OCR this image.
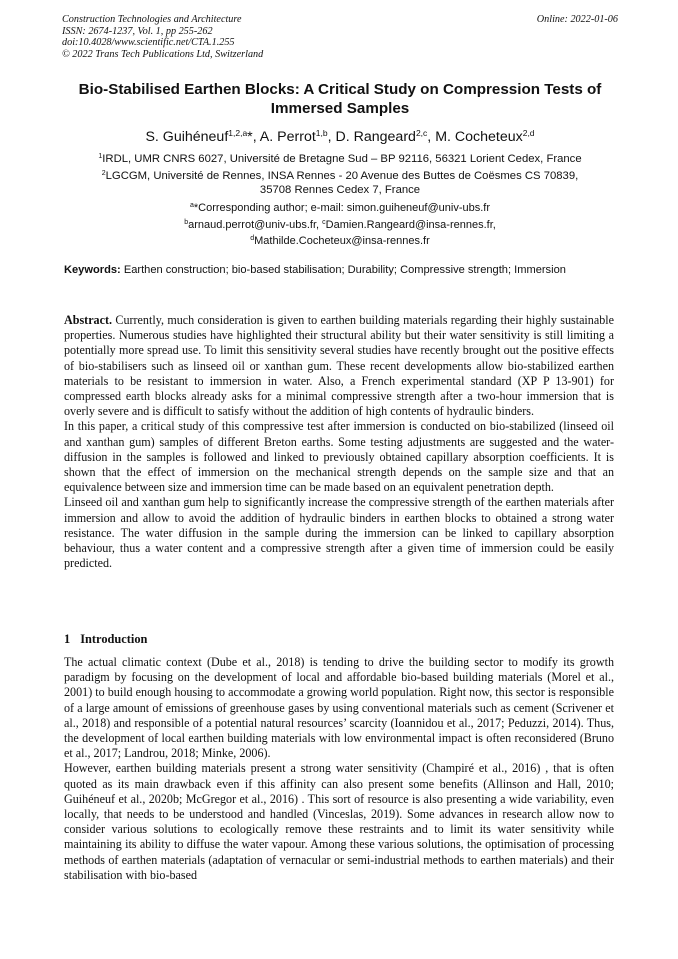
Construction Technologies and Architecture
ISSN: 2674-1237, Vol. 1, pp 255-262
doi:10.4028/www.scientific.net/CTA.1.255
© 2022 Trans Tech Publications Ltd, Switzerland
Online: 2022-01-06
Bio-Stabilised Earthen Blocks: A Critical Study on Compression Tests of Immersed Samples
S. Guihéneuf$^{1,2,a}$*, A. Perrot$^{1,b}$, D. Rangeard$^{2,c}$, M. Cocheteux$^{2,d}$
$^1$IRDL, UMR CNRS 6027, Université de Bretagne Sud – BP 92116, 56321 Lorient Cedex, France
$^2$LGCGM, Université de Rennes, INSA Rennes - 20 Avenue des Buttes de Coësmes CS 70839,
35708 Rennes Cedex 7, France
$^a$*Corresponding author; e-mail: simon.guiheneuf@univ-ubs.fr
$^b$arnaud.perrot@univ-ubs.fr, $^c$Damien.Rangeard@insa-rennes.fr,
$^d$Mathilde.Cocheteux@insa-rennes.fr
Keywords: Earthen construction; bio-based stabilisation; Durability; Compressive strength; Immersion

Abstract. Currently, much consideration is given to earthen building materials regarding their highly sustainable properties. Numerous studies have highlighted their structural ability but their water sensitivity is still limiting a potentially more spread use. To limit this sensitivity several studies have recently brought out the positive effects of bio-stabilisers such as linseed oil or xanthan gum. These recent developments allow bio-stabilized earthen materials to be resistant to immersion in water. Also, a French experimental standard (XP P 13-901) for compressed earth blocks already asks for a minimal compressive strength after a two-hour immersion that is overly severe and is difficult to satisfy without the addition of high contents of hydraulic binders.

In this paper, a critical study of this compressive test after immersion is conducted on bio-stabilized (linseed oil and xanthan gum) samples of different Breton earths. Some testing adjustments are suggested and the water-diffusion in the samples is followed and linked to previously obtained capillary absorption coefficients. It is shown that the effect of immersion on the mechanical strength depends on the sample size and that an equivalence between size and immersion time can be made based on an equivalent penetration depth.

Linseed oil and xanthan gum help to significantly increase the compressive strength of the earthen materials after immersion and allow to avoid the addition of hydraulic binders in earthen blocks to obtained a strong water resistance. The water diffusion in the sample during the immersion can be linked to capillary absorption behaviour, thus a water content and a compressive strength after a given time of immersion could be easily predicted.

1 Introduction

The actual climatic context (Dube et al., 2018) is tending to drive the building sector to modify its growth paradigm by focusing on the development of local and affordable bio-based building materials (Morel et al., 2001) to build enough housing to accommodate a growing world population. Right now, this sector is responsible of a large amount of emissions of greenhouse gases by using conventional materials such as cement (Scrivener et al., 2018) and responsible of a potential natural resources’ scarcity (Ioannidou et al., 2017; Peduzzi, 2014). Thus, the development of local earthen building materials with low environmental impact is often reconsidered (Bruno et al., 2017; Landrou, 2018; Minke, 2006).

However, earthen building materials present a strong water sensitivity (Champiré et al., 2016) , that is often quoted as its main drawback even if this affinity can also present some benefits (Allinson and Hall, 2010; Guihéneuf et al., 2020b; McGregor et al., 2016) . This sort of resource is also presenting a wide variability, even locally, that needs to be understood and handled (Vinceslas, 2019). Some advances in research allow now to consider various solutions to ecologically remove these restraints and to limit its water sensitivity while maintaining its ability to diffuse the water vapour. Among these various solutions, the optimisation of processing methods of earthen materials (adaptation of vernacular or semi-industrial methods to earthen materials) and their stabilisation with bio-based
